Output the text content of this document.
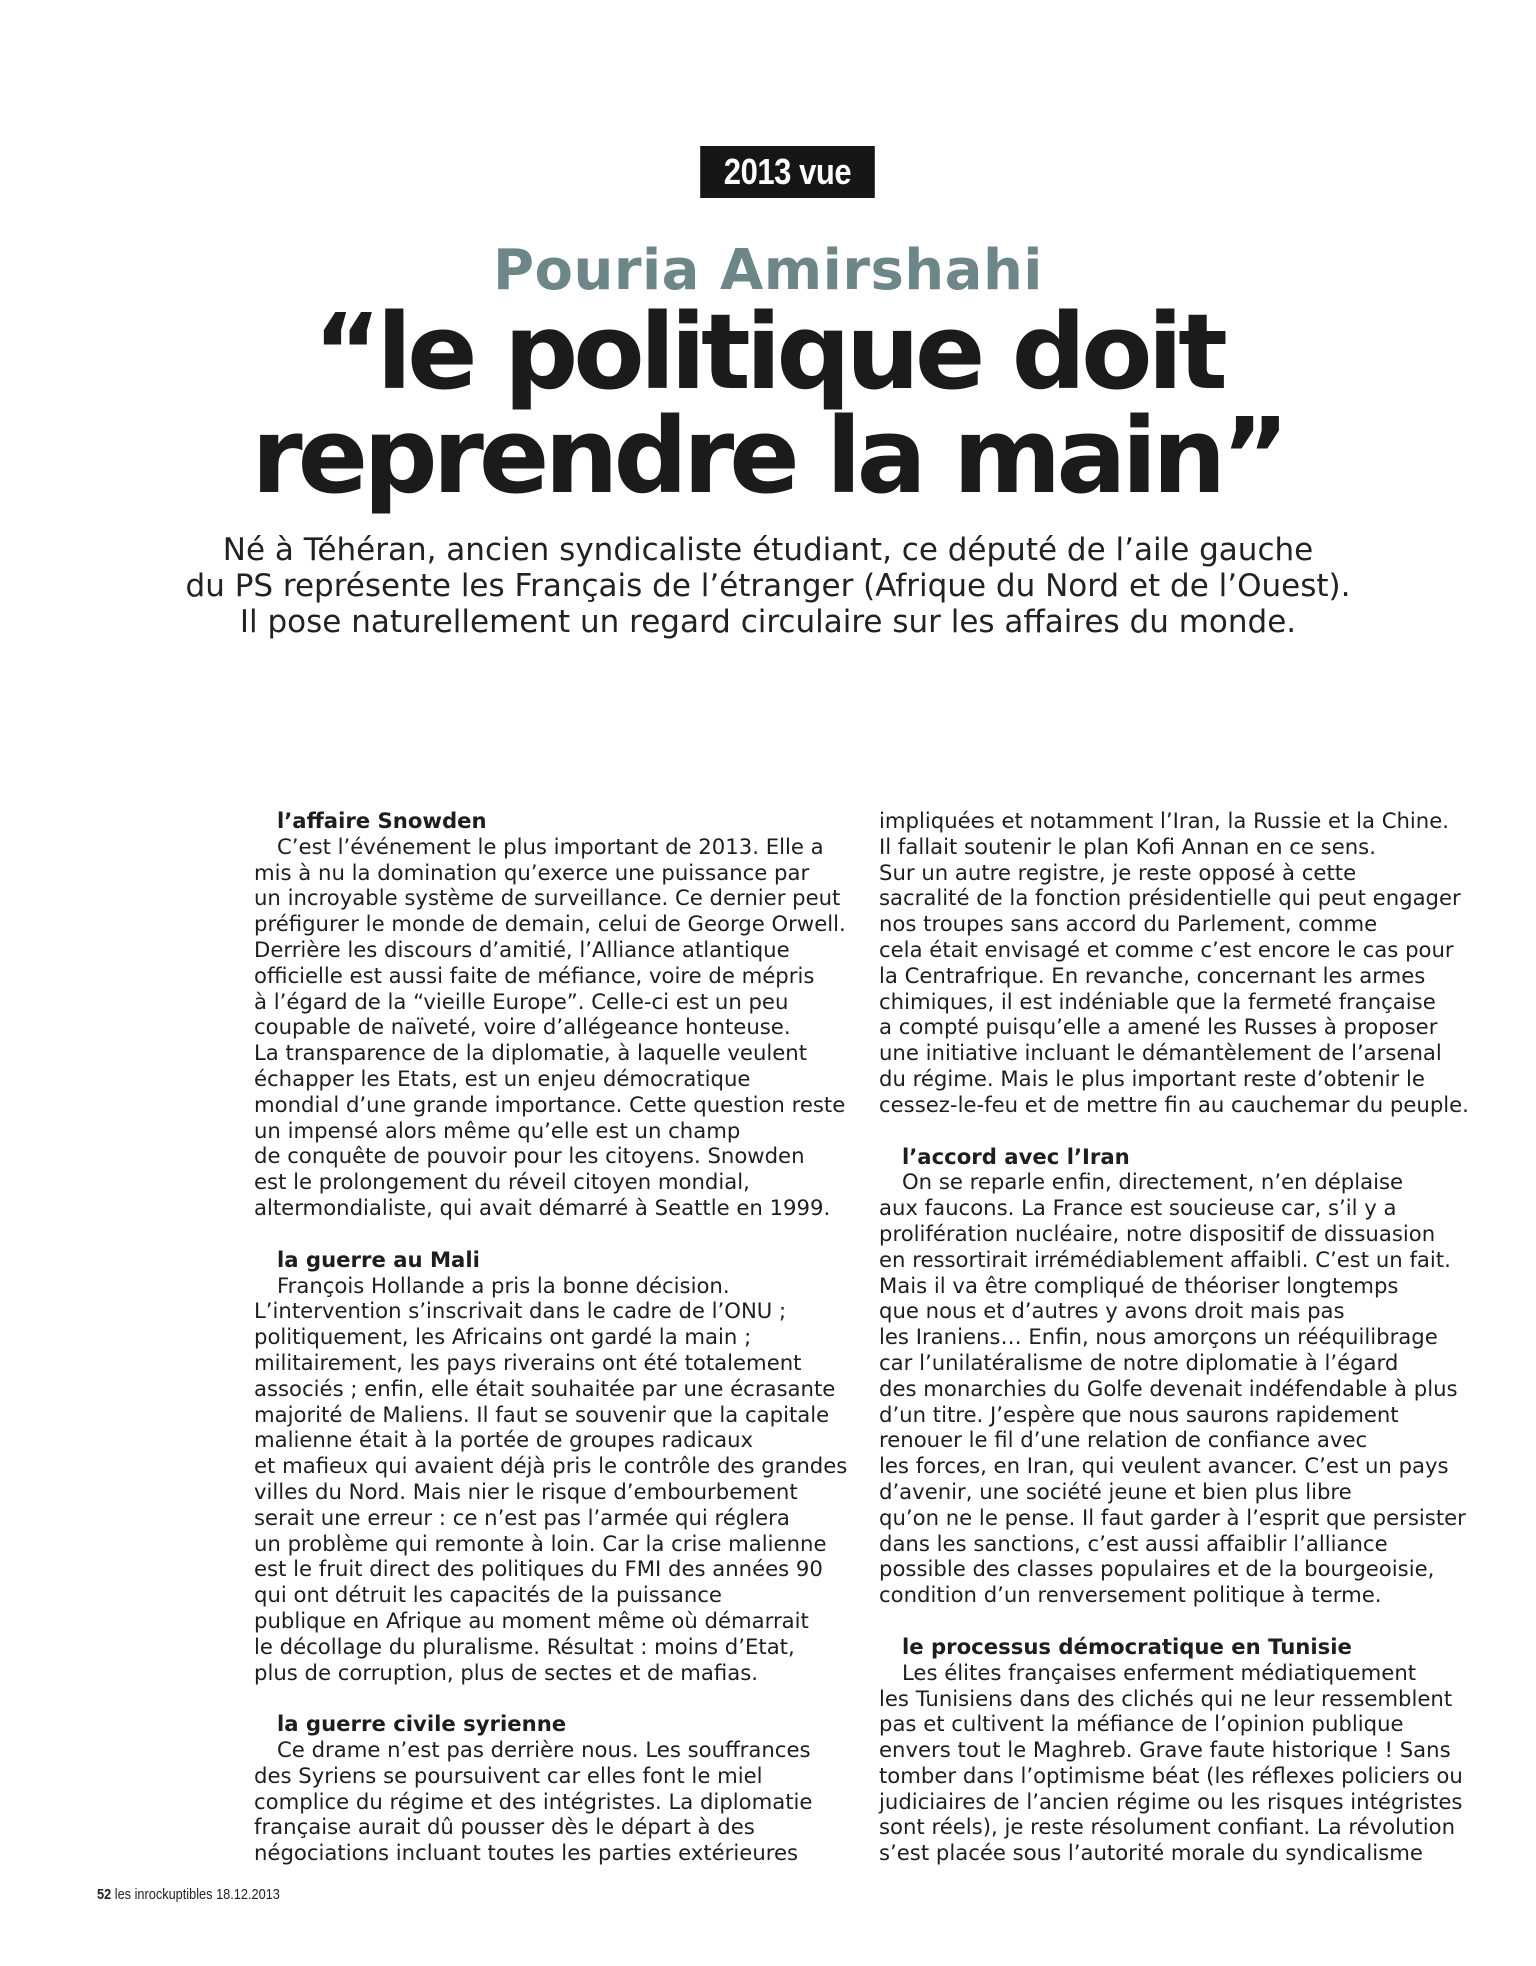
2013 vue par
Pouria Amirshahi
“le politique doit
reprendre la main”
Né à Téhéran, ancien syndicaliste étudiant, ce député de l’aile gauche
du PS représente les Français de l’étranger (Afrique du Nord et de l’Ouest).
Il pose naturellement un regard circulaire sur les affaires du monde.
l’affaire Snowden
C’est l’événement le plus important de 2013. Elle a
mis à nu la domination qu’exerce une puissance par
un incroyable système de surveillance. Ce dernier peut
préfigurer le monde de demain, celui de George Orwell.
Derrière les discours d’amitié, l’Alliance atlantique
officielle est aussi faite de méfiance, voire de mépris
à l’égard de la “vieille Europe”. Celle-ci est un peu
coupable de naïveté, voire d’allégeance honteuse.
La transparence de la diplomatie, à laquelle veulent
échapper les Etats, est un enjeu démocratique
mondial d’une grande importance. Cette question reste
un impensé alors même qu’elle est un champ
de conquête de pouvoir pour les citoyens. Snowden
est le prolongement du réveil citoyen mondial,
altermondialiste, qui avait démarré à Seattle en 1999.
la guerre au Mali
François Hollande a pris la bonne décision.
L’intervention s’inscrivait dans le cadre de l’ONU ;
politiquement, les Africains ont gardé la main ;
militairement, les pays riverains ont été totalement
associés ; enfin, elle était souhaitée par une écrasante
majorité de Maliens. Il faut se souvenir que la capitale
malienne était à la portée de groupes radicaux
et mafieux qui avaient déjà pris le contrôle des grandes
villes du Nord. Mais nier le risque d’embourbement
serait une erreur : ce n’est pas l’armée qui réglera
un problème qui remonte à loin. Car la crise malienne
est le fruit direct des politiques du FMI des années 90
qui ont détruit les capacités de la puissance
publique en Afrique au moment même où démarrait
le décollage du pluralisme. Résultat : moins d’Etat,
plus de corruption, plus de sectes et de mafias.
la guerre civile syrienne
Ce drame n’est pas derrière nous. Les souffrances
des Syriens se poursuivent car elles font le miel
complice du régime et des intégristes. La diplomatie
française aurait dû pousser dès le départ à des
négociations incluant toutes les parties extérieures
impliquées et notamment l’Iran, la Russie et la Chine.
Il fallait soutenir le plan Kofi Annan en ce sens.
Sur un autre registre, je reste opposé à cette
sacralité de la fonction présidentielle qui peut engager
nos troupes sans accord du Parlement, comme
cela était envisagé et comme c’est encore le cas pour
la Centrafrique. En revanche, concernant les armes
chimiques, il est indéniable que la fermeté française
a compté puisqu’elle a amené les Russes à proposer
une initiative incluant le démantèlement de l’arsenal
du régime. Mais le plus important reste d’obtenir le
cessez-le-feu et de mettre fin au cauchemar du peuple.
l’accord avec l’Iran
On se reparle enfin, directement, n’en déplaise
aux faucons. La France est soucieuse car, s’il y a
prolifération nucléaire, notre dispositif de dissuasion
en ressortirait irrémédiablement affaibli. C’est un fait.
Mais il va être compliqué de théoriser longtemps
que nous et d’autres y avons droit mais pas
les Iraniens… Enfin, nous amorçons un rééquilibrage
car l’unilatéralisme de notre diplomatie à l’égard
des monarchies du Golfe devenait indéfendable à plus
d’un titre. J’espère que nous saurons rapidement
renouer le fil d’une relation de confiance avec
les forces, en Iran, qui veulent avancer. C’est un pays
d’avenir, une société jeune et bien plus libre
qu’on ne le pense. Il faut garder à l’esprit que persister
dans les sanctions, c’est aussi affaiblir l’alliance
possible des classes populaires et de la bourgeoisie,
condition d’un renversement politique à terme.
le processus démocratique en Tunisie
Les élites françaises enferment médiatiquement
les Tunisiens dans des clichés qui ne leur ressemblent
pas et cultivent la méfiance de l’opinion publique
envers tout le Maghreb. Grave faute historique ! Sans
tomber dans l’optimisme béat (les réflexes policiers ou
judiciaires de l’ancien régime ou les risques intégristes
sont réels), je reste résolument confiant. La révolution
s’est placée sous l’autorité morale du syndicalisme
52 les inrockuptibles 18.12.2013
